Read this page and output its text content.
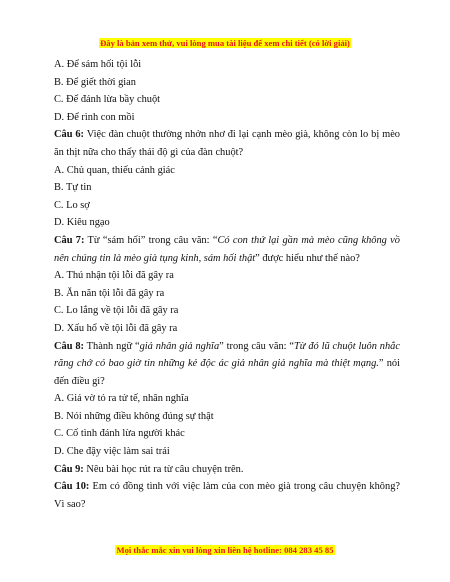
Đây là bản xem thử, vui lòng mua tài liệu để xem chi tiết (có lời giải)
A. Để sám hối tội lỗi
B. Để giết thời gian
C. Để đánh lừa bầy chuột
D. Để rình con mồi
Câu 6: Việc đàn chuột thường nhởn nhơ đi lại cạnh mèo già, không còn lo bị mèo ăn thịt nữa cho thấy thái độ gì của đàn chuột?
A. Chủ quan, thiếu cảnh giác
B. Tự tin
C. Lo sợ
D. Kiêu ngạo
Câu 7: Từ “sám hối” trong câu văn: “Có con thứ lại gần mà mèo cũng không vồ nên chúng tin là mèo già tụng kinh, sám hối thật” được hiểu như thế nào?
A. Thú nhận tội lỗi đã gây ra
B. Ăn năn tội lỗi đã gây ra
C. Lo lắng về tội lỗi đã gây ra
D. Xấu hổ về tội lỗi đã gây ra
Câu 8: Thành ngữ “giả nhân giả nghĩa” trong câu văn: “Từ đó lũ chuột luôn nhắc răng chớ có bao giờ tin những kẻ độc ác giả nhân giả nghĩa mà thiệt mạng.” nói đến điều gì?
A. Giả vờ tỏ ra tử tế, nhân nghĩa
B. Nói những điều không đúng sự thật
C. Cố tình đánh lừa người khác
D. Che đậy việc làm sai trái
Câu 9: Nêu bài học rút ra từ câu chuyện trên.
Câu 10: Em có đồng tình với việc làm của con mèo già trong câu chuyện không? Vì sao?
Mọi thắc mắc xin vui lòng xin liên hệ hotline: 084 283 45 85
